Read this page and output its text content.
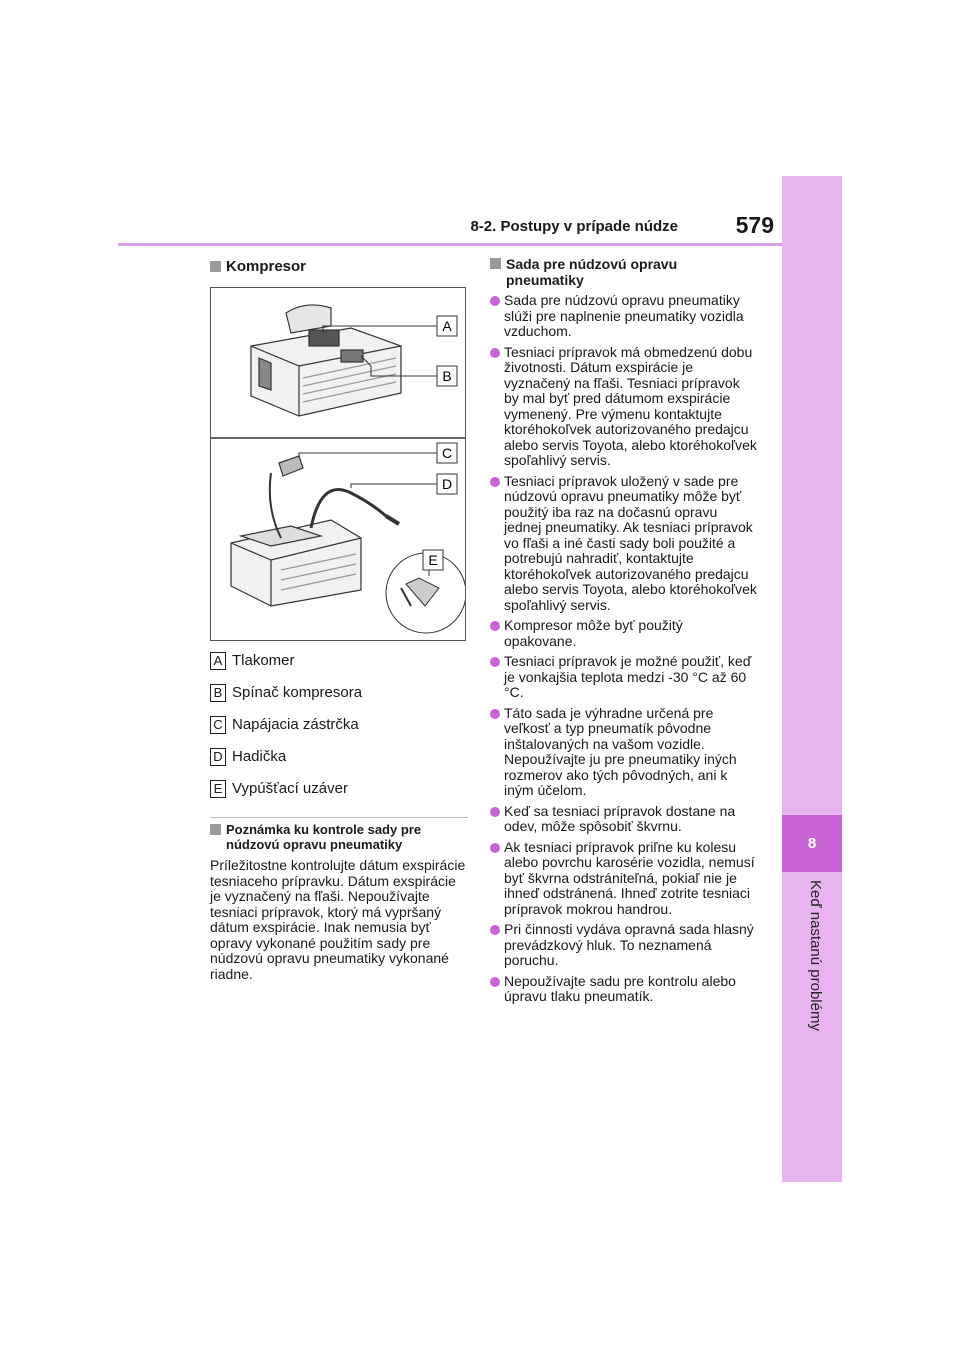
8
Keď nastanú problémy
8-2. Postupy v prípade núdze	579
Kompresor
A
B
C
D
E
A Tlakomer
B Spínač kompresora
C Napájacia zástrčka
D Hadička
E Vypúšťací uzáver
Poznámka ku kontrole sady pre núdzovú opravu pneumatiky
Príležitostne kontrolujte dátum exspirácie tesniaceho prípravku. Dátum exspirácie je vyznačený na fľaši. Nepoužívajte tesniaci prípravok, ktorý má vypršaný dátum exspirácie. Inak nemusia byť opravy vykonané použitím sady pre núdzovú opravu pneumatiky vykonané riadne.
Sada pre núdzovú opravu pneumatiky
Sada pre núdzovú opravu pneumatiky slúži pre naplnenie pneumatiky vozidla vzduchom.
Tesniaci prípravok má obmedzenú dobu životnosti. Dátum exspirácie je vyznačený na fľaši. Tesniaci prípravok by mal byť pred dátumom exspirácie vymenený. Pre výmenu kontaktujte ktoréhokoľvek autorizovaného predajcu alebo servis Toyota, alebo ktoréhokoľvek spoľahlivý servis.
Tesniaci prípravok uložený v sade pre núdzovú opravu pneumatiky môže byť použitý iba raz na dočasnú opravu jednej pneumatiky. Ak tesniaci prípravok vo fľaši a iné časti sady boli použité a potrebujú nahradiť, kontaktujte ktoréhokoľvek autorizovaného predajcu alebo servis Toyota, alebo ktoréhokoľvek spoľahlivý servis.
Kompresor môže byť použitý opakovane.
Tesniaci prípravok je možné použiť, keď je vonkajšia teplota medzi -30 °C až 60 °C.
Táto sada je výhradne určená pre veľkosť a typ pneumatík pôvodne inštalovaných na vašom vozidle. Nepoužívajte ju pre pneumatiky iných rozmerov ako tých pôvodných, ani k iným účelom.
Keď sa tesniaci prípravok dostane na odev, môže spôsobiť škvrnu.
Ak tesniaci prípravok priľne ku kolesu alebo povrchu karosérie vozidla, nemusí byť škvrna odstrániteľná, pokiaľ nie je ihneď odstránená. Ihneď zotrite tesniaci prípravok mokrou handrou.
Pri činnosti vydáva opravná sada hlasný prevádzkový hluk. To neznamená poruchu.
Nepoužívajte sadu pre kontrolu alebo úpravu tlaku pneumatík.
